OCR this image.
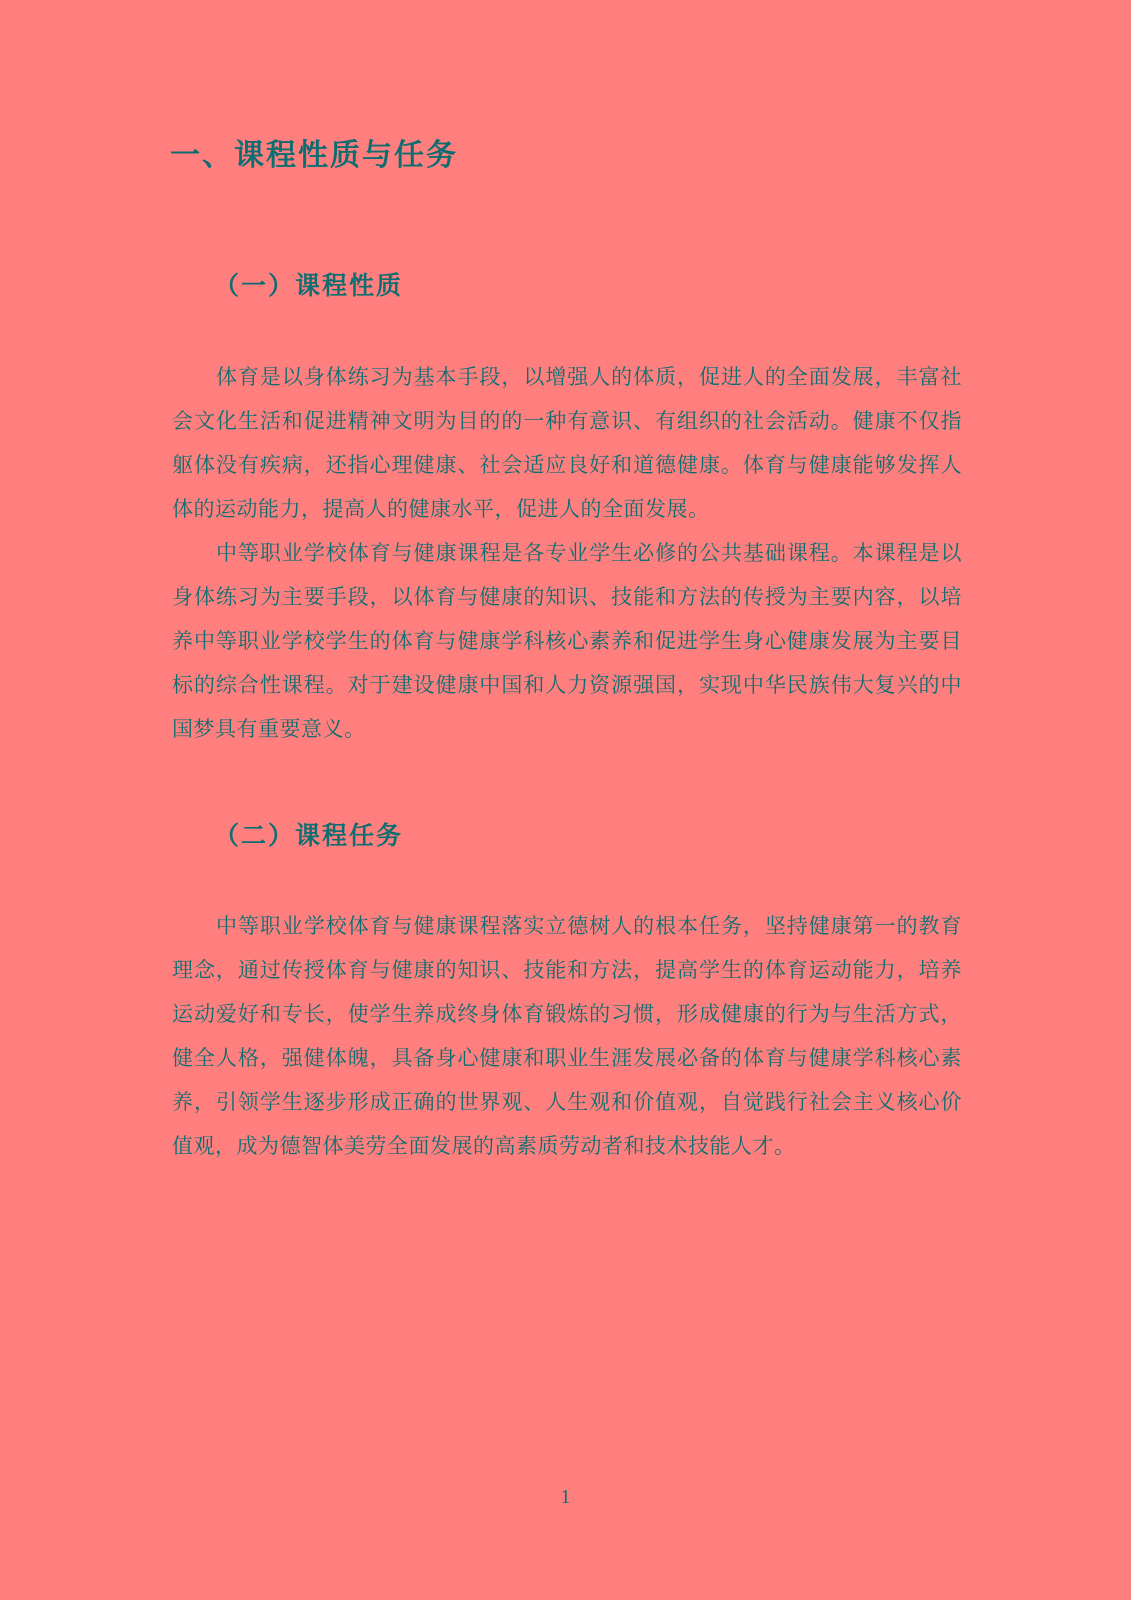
一、课程性质与任务
（一）课程性质

体育是以身体练习为基本手段，以增强人的体质，促进人的全面发展，丰富社会文化生活和促进精神文明为目的的一种有意识、有组织的社会活动。健康不仅指躯体没有疾病，还指心理健康、社会适应良好和道德健康。体育与健康能够发挥人体的运动能力，提高人的健康水平，促进人的全面发展。

中等职业学校体育与健康课程是各专业学生必修的公共基础课程。本课程是以身体练习为主要手段，以体育与健康的知识、技能和方法的传授为主要内容，以培养中等职业学校学生的体育与健康学科核心素养和促进学生身心健康发展为主要目标的综合性课程。对于建设健康中国和人力资源强国，实现中华民族伟大复兴的中国梦具有重要意义。

（二）课程任务

中等职业学校体育与健康课程落实立德树人的根本任务，坚持健康第一的教育理念，通过传授体育与健康的知识、技能和方法，提高学生的体育运动能力，培养运动爱好和专长，使学生养成终身体育锻炼的习惯，形成健康的行为与生活方式，健全人格，强健体魄，具备身心健康和职业生涯发展必备的体育与健康学科核心素养，引领学生逐步形成正确的世界观、人生观和价值观，自觉践行社会主义核心价值观，成为德智体美劳全面发展的高素质劳动者和技术技能人才。

1
